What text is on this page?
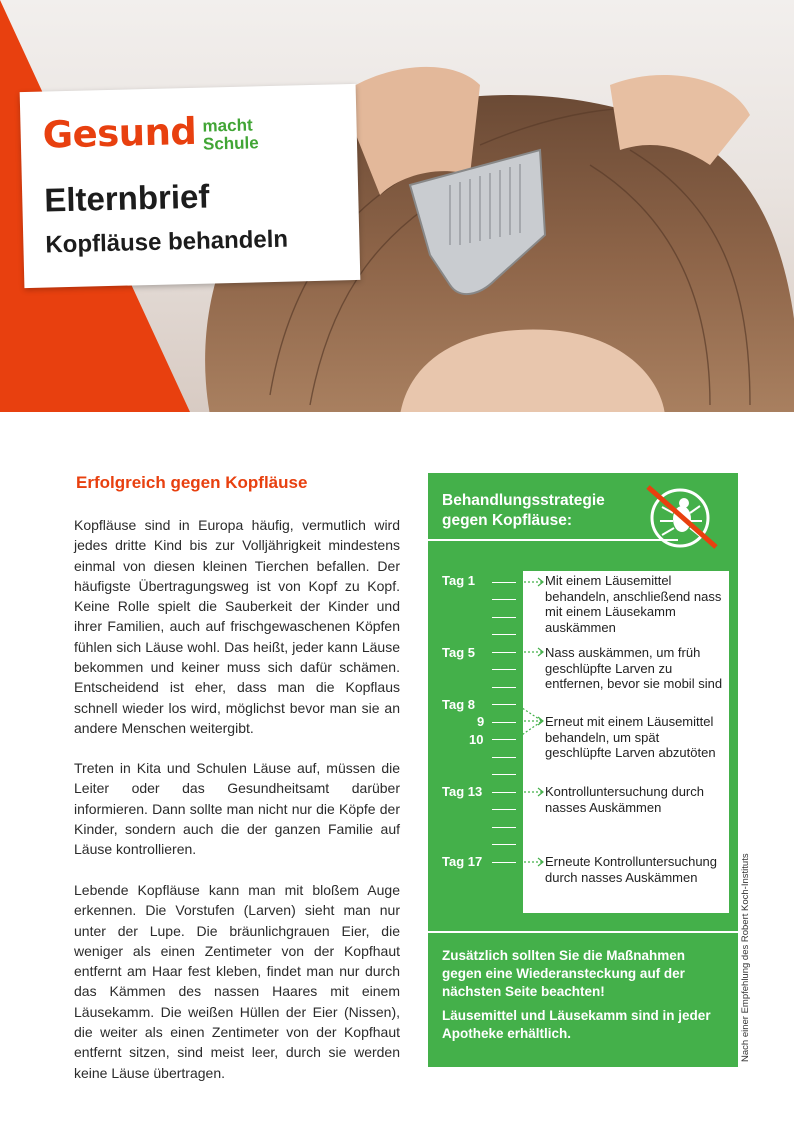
Gesund macht
Schule
Elternbrief
Kopfläuse behandeln
Erfolgreich gegen Kopfläuse

Kopfläuse sind in Europa häufig, vermutlich wird jedes dritte Kind bis zur Volljährigkeit mindestens einmal von diesen kleinen Tierchen befallen. Der häufigste Übertragungsweg ist von Kopf zu Kopf. Keine Rolle spielt die Sauberkeit der Kinder und ihrer Familien, auch auf frischgewaschenen Köpfen fühlen sich Läuse wohl. Das heißt, jeder kann Läuse bekommen und keiner muss sich dafür schämen. Entscheidend ist eher, dass man die Kopflaus schnell wieder los wird, möglichst bevor man sie an andere Menschen weitergibt.

Treten in Kita und Schulen Läuse auf, müssen die Leiter oder das Gesundheitsamt darüber informieren. Dann sollte man nicht nur die Köpfe der Kinder, sondern auch die der ganzen Familie auf Läuse kontrollieren.

Lebende Kopfläuse kann man mit bloßem Auge erkennen. Die Vorstufen (Larven) sieht man nur unter der Lupe. Die bräunlichgrauen Eier, die weniger als einen Zentimeter von der Kopfhaut entfernt am Haar fest kleben, findet man nur durch das Kämmen des nassen Haares mit einem Läusekamm. Die weißen Hüllen der Eier (Nissen), die weiter als einen Zentimeter von der Kopfhaut entfernt sitzen, sind meist leer, durch sie werden keine Läuse übertragen.

Behandlungsstrategie gegen Kopfläuse:
Tag 1
Tag 5
Tag 8
9
10
Tag 13
Tag 17
Mit einem Läusemittel behandeln, anschließend nass mit einem Läusekamm auskämmen
Nass auskämmen, um früh geschlüpfte Larven zu entfernen, bevor sie mobil sind
Erneut mit einem Läusemittel behandeln, um spät geschlüpfte Larven abzutöten
Kontrolluntersuchung durch nasses Auskämmen
Erneute Kontrolluntersuchung durch nasses Auskämmen
Zusätzlich sollten Sie die Maßnahmen gegen eine Wiederansteckung auf der nächsten Seite beachten!
Läusemittel und Läusekamm sind in jeder Apotheke erhältlich.	Nach einer Empfehlung des Robert Koch-Instituts
